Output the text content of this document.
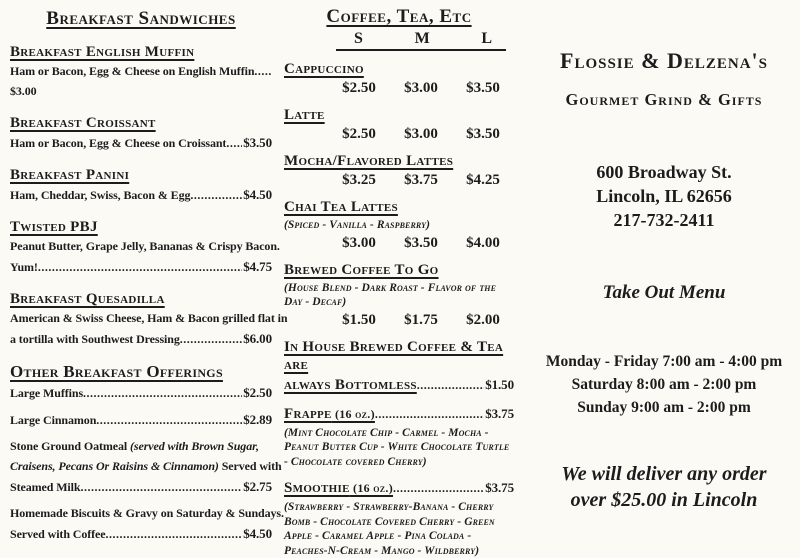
Breakfast Sandwiches
Breakfast English Muffin
Ham or Bacon, Egg & Cheese on English Muffin
.....
$3.00
Breakfast Croissant
Ham or Bacon, Egg & Cheese on Croissant ..... $3.50
Breakfast Panini
Ham, Cheddar, Swiss, Bacon & Egg .....	$4.50
Twisted PBJ
Peanut Butter, Grape Jelly, Bananas & Crispy Bacon.
Yum! .....	$4.75
Breakfast Quesadilla
American & Swiss Cheese, Ham & Bacon grilled flat in
a tortilla with Southwest Dressing .....	$6.00
Other Breakfast Offerings
Large Muffins .....	$2.50
Large Cinnamon .....	$2.89
Stone Ground Oatmeal (served with Brown Sugar,
Craisens, Pecans Or Raisins & Cinnamon) Served with
Steamed Milk .....	$2.75
Homemade Biscuits & Gravy on Saturday & Sundays.
Served with Coffee .....	$4.50
Coffee, Tea, Etc
S	M	L
Cappuccino
$2.50	$3.00	$3.50
Latte
$2.50	$3.00	$3.50
Mocha/Flavored Lattes
$3.25	$3.75	$4.25
Chai Tea Lattes
(Spiced - Vanilla - Raspberry)
$3.00	$3.50	$4.00
Brewed Coffee To Go
(House Blend - Dark Roast - Flavor of the Day - Decaf)
$1.50	$1.75	$2.00
In House Brewed Coffee & Tea are
always Bottomless .....	$1.50
Frappe (16 oz.) .....	$3.75
(Mint Chocolate Chip - Carmel - Mocha - Peanut Butter Cup - White Chocolate Turtle - Chocolate covered Cherry)
Smoothie (16 oz.) .....	$3.75
(Strawberry - Strawberry-Banana - Cherry Bomb - Chocolate Covered Cherry - Green Apple - Caramel Apple - Pina Colada - Peaches-N-Cream - Mango - Wildberry)
Flossie & Delzena's
Gourmet Grind & Gifts
600 Broadway St.
Lincoln, IL 62656
217-732-2411
Take Out Menu
Monday - Friday 7:00 am - 4:00 pm
Saturday 8:00 am - 2:00 pm
Sunday 9:00 am - 2:00 pm
We will deliver any order
over $25.00 in Lincoln
